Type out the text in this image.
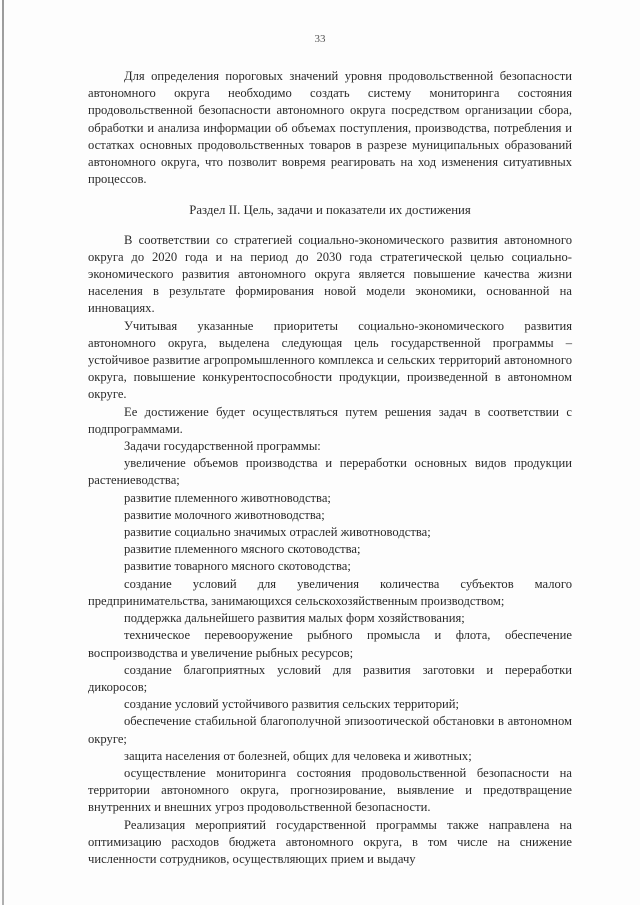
33

Для определения пороговых значений уровня продовольственной безопасности автономного округа необходимо создать систему мониторинга состояния продовольственной безопасности автономного округа посредством организации сбора, обработки и анализа информации об объемах поступления, производства, потребления и остатках основных продовольственных товаров в разрезе муниципальных образований автономного округа, что позволит вовремя реагировать на ход изменения ситуативных процессов.

Раздел II. Цель, задачи и показатели их достижения

В соответствии со стратегией социально-экономического развития автономного округа до 2020 года и на период до 2030 года стратегической целью социально-экономического развития автономного округа является повышение качества жизни населения в результате формирования новой модели экономики, основанной на инновациях.

Учитывая указанные приоритеты социально-экономического развития автономного округа, выделена следующая цель государственной программы – устойчивое развитие агропромышленного комплекса и сельских территорий автономного округа, повышение конкурентоспособности продукции, произведенной в автономном округе.

Ее достижение будет осуществляться путем решения задач в соответствии с подпрограммами.

Задачи государственной программы:

увеличение объемов производства и переработки основных видов продукции растениеводства;

развитие племенного животноводства;

развитие молочного животноводства;

развитие социально значимых отраслей животноводства;

развитие племенного мясного скотоводства;

развитие товарного мясного скотоводства;

создание условий для увеличения количества субъектов малого предпринимательства, занимающихся сельскохозяйственным производством;

поддержка дальнейшего развития малых форм хозяйствования;

техническое перевооружение рыбного промысла и флота, обеспечение воспроизводства и увеличение рыбных ресурсов;

создание благоприятных условий для развития заготовки и переработки дикоросов;

создание условий устойчивого развития сельских территорий;

обеспечение стабильной благополучной эпизоотической обстановки в автономном округе;

защита населения от болезней, общих для человека и животных;

осуществление мониторинга состояния продовольственной безопасности на территории автономного округа, прогнозирование, выявление и предотвращение внутренних и внешних угроз продовольственной безопасности.

Реализация мероприятий государственной программы также направлена на оптимизацию расходов бюджета автономного округа, в том числе на снижение численности сотрудников, осуществляющих прием и выдачу
